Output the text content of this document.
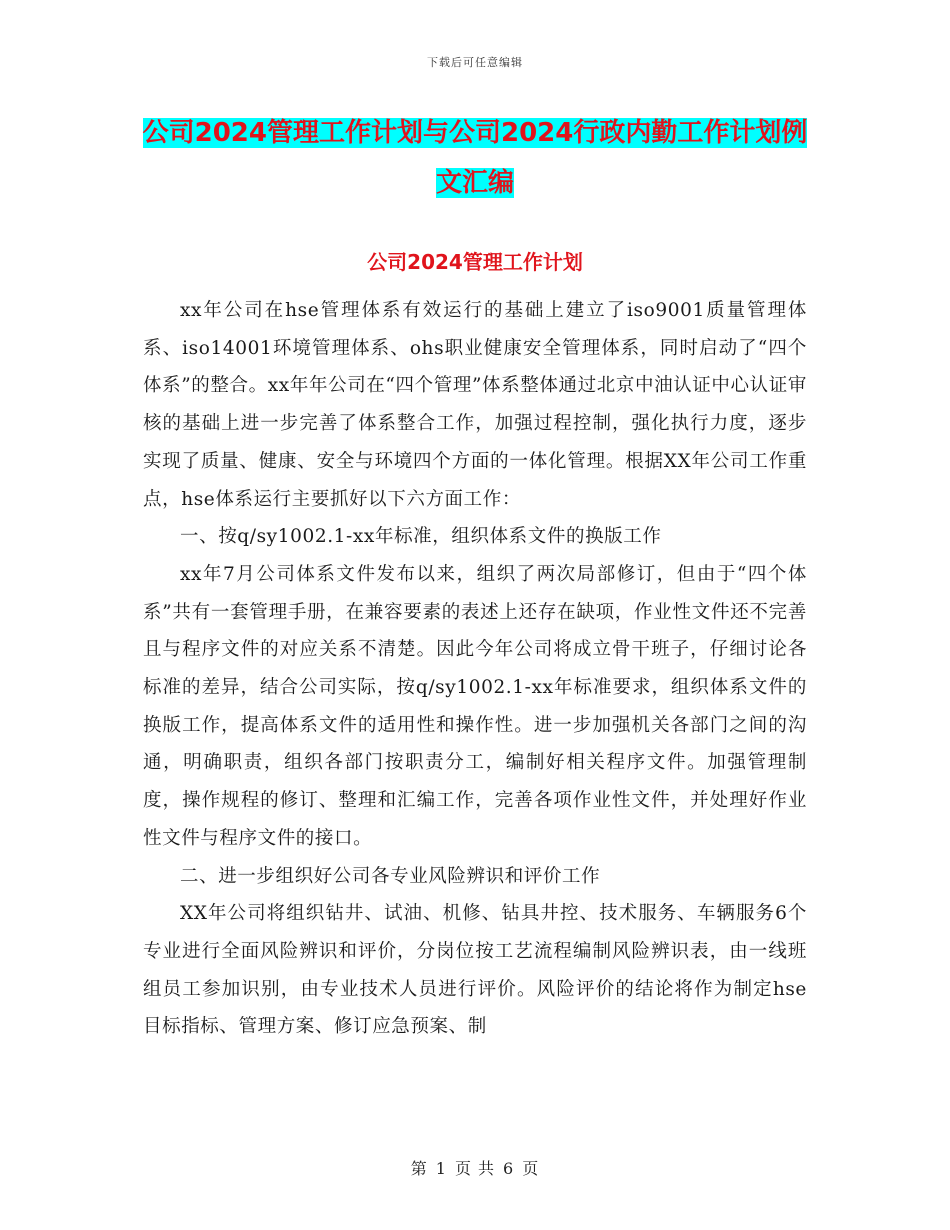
下载后可任意编辑
公司2024管理工作计划与公司2024行政内勤工作计划例文汇编
公司2024管理工作计划

xx年公司在hse管理体系有效运行的基础上建立了iso9001质量管理体系、iso14001环境管理体系、ohs职业健康安全管理体系，同时启动了“四个体系”的整合。xx年年公司在“四个管理”体系整体通过北京中油认证中心认证审核的基础上进一步完善了体系整合工作，加强过程控制，强化执行力度，逐步实现了质量、健康、安全与环境四个方面的一体化管理。根据XX年公司工作重点，hse体系运行主要抓好以下六方面工作：

一、按q/sy1002.1-xx年标准，组织体系文件的换版工作

xx年7月公司体系文件发布以来，组织了两次局部修订，但由于“四个体系”共有一套管理手册，在兼容要素的表述上还存在缺项，作业性文件还不完善且与程序文件的对应关系不清楚。因此今年公司将成立骨干班子，仔细讨论各标准的差异，结合公司实际，按q/sy1002.1-xx年标准要求，组织体系文件的换版工作，提高体系文件的适用性和操作性。进一步加强机关各部门之间的沟通，明确职责，组织各部门按职责分工，编制好相关程序文件。加强管理制度，操作规程的修订、整理和汇编工作，完善各项作业性文件，并处理好作业性文件与程序文件的接口。

二、进一步组织好公司各专业风险辨识和评价工作

XX年公司将组织钻井、试油、机修、钻具井控、技术服务、车辆服务6个专业进行全面风险辨识和评价，分岗位按工艺流程编制风险辨识表，由一线班组员工参加识别，由专业技术人员进行评价。风险评价的结论将作为制定hse目标指标、管理方案、修订应急预案、制

第 1 页 共 6 页
